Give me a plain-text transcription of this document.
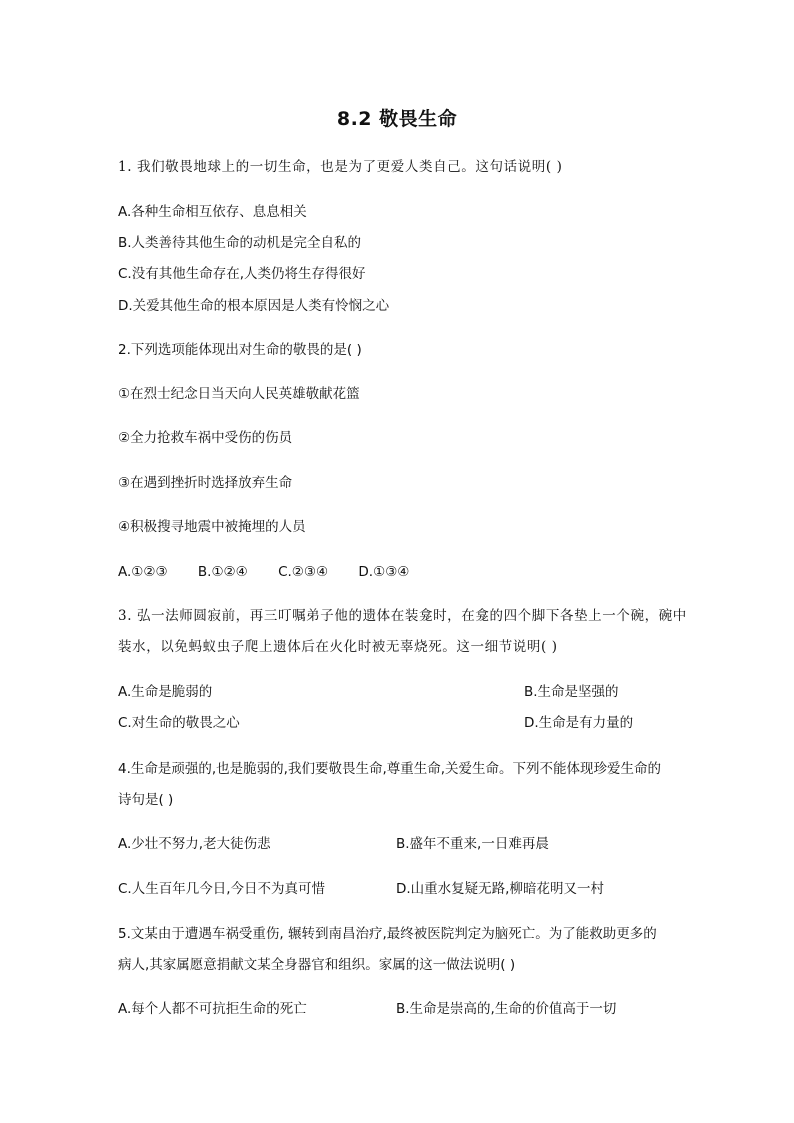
8.2 敬畏生命
1. 我们敬畏地球上的一切生命，也是为了更爱人类自己。这句话说明( )
A.各种生命相互依存、息息相关
B.人类善待其他生命的动机是完全自私的
C.没有其他生命存在,人类仍将生存得很好
D.关爱其他生命的根本原因是人类有怜悯之心
2.下列选项能体现出对生命的敬畏的是( )
①在烈士纪念日当天向人民英雄敬献花篮
②全力抢救车祸中受伤的伤员
③在遇到挫折时选择放弃生命
④积极搜寻地震中被掩埋的人员
A.①②③ B.①②④ C.②③④ D.①③④
3. 弘一法师圆寂前，再三叮嘱弟子他的遗体在装龛时，在龛的四个脚下各垫上一个碗，碗中
装水，以免蚂蚁虫子爬上遗体后在火化时被无辜烧死。这一细节说明( )
A.生命是脆弱的	B.生命是坚强的
C.对生命的敬畏之心	D.生命是有力量的
4.生命是顽强的,也是脆弱的,我们要敬畏生命,尊重生命,关爱生命。下列不能体现珍爱生命的
诗句是( )
A.少壮不努力,老大徒伤悲	B.盛年不重来,一日难再晨
C.人生百年几今日,今日不为真可惜	D.山重水复疑无路,柳暗花明又一村
5.文某由于遭遇车祸受重伤, 辗转到南昌治疗,最终被医院判定为脑死亡。为了能救助更多的
病人,其家属愿意捐献文某全身器官和组织。家属的这一做法说明( )
A.每个人都不可抗拒生命的死亡	B.生命是崇高的,生命的价值高于一切
